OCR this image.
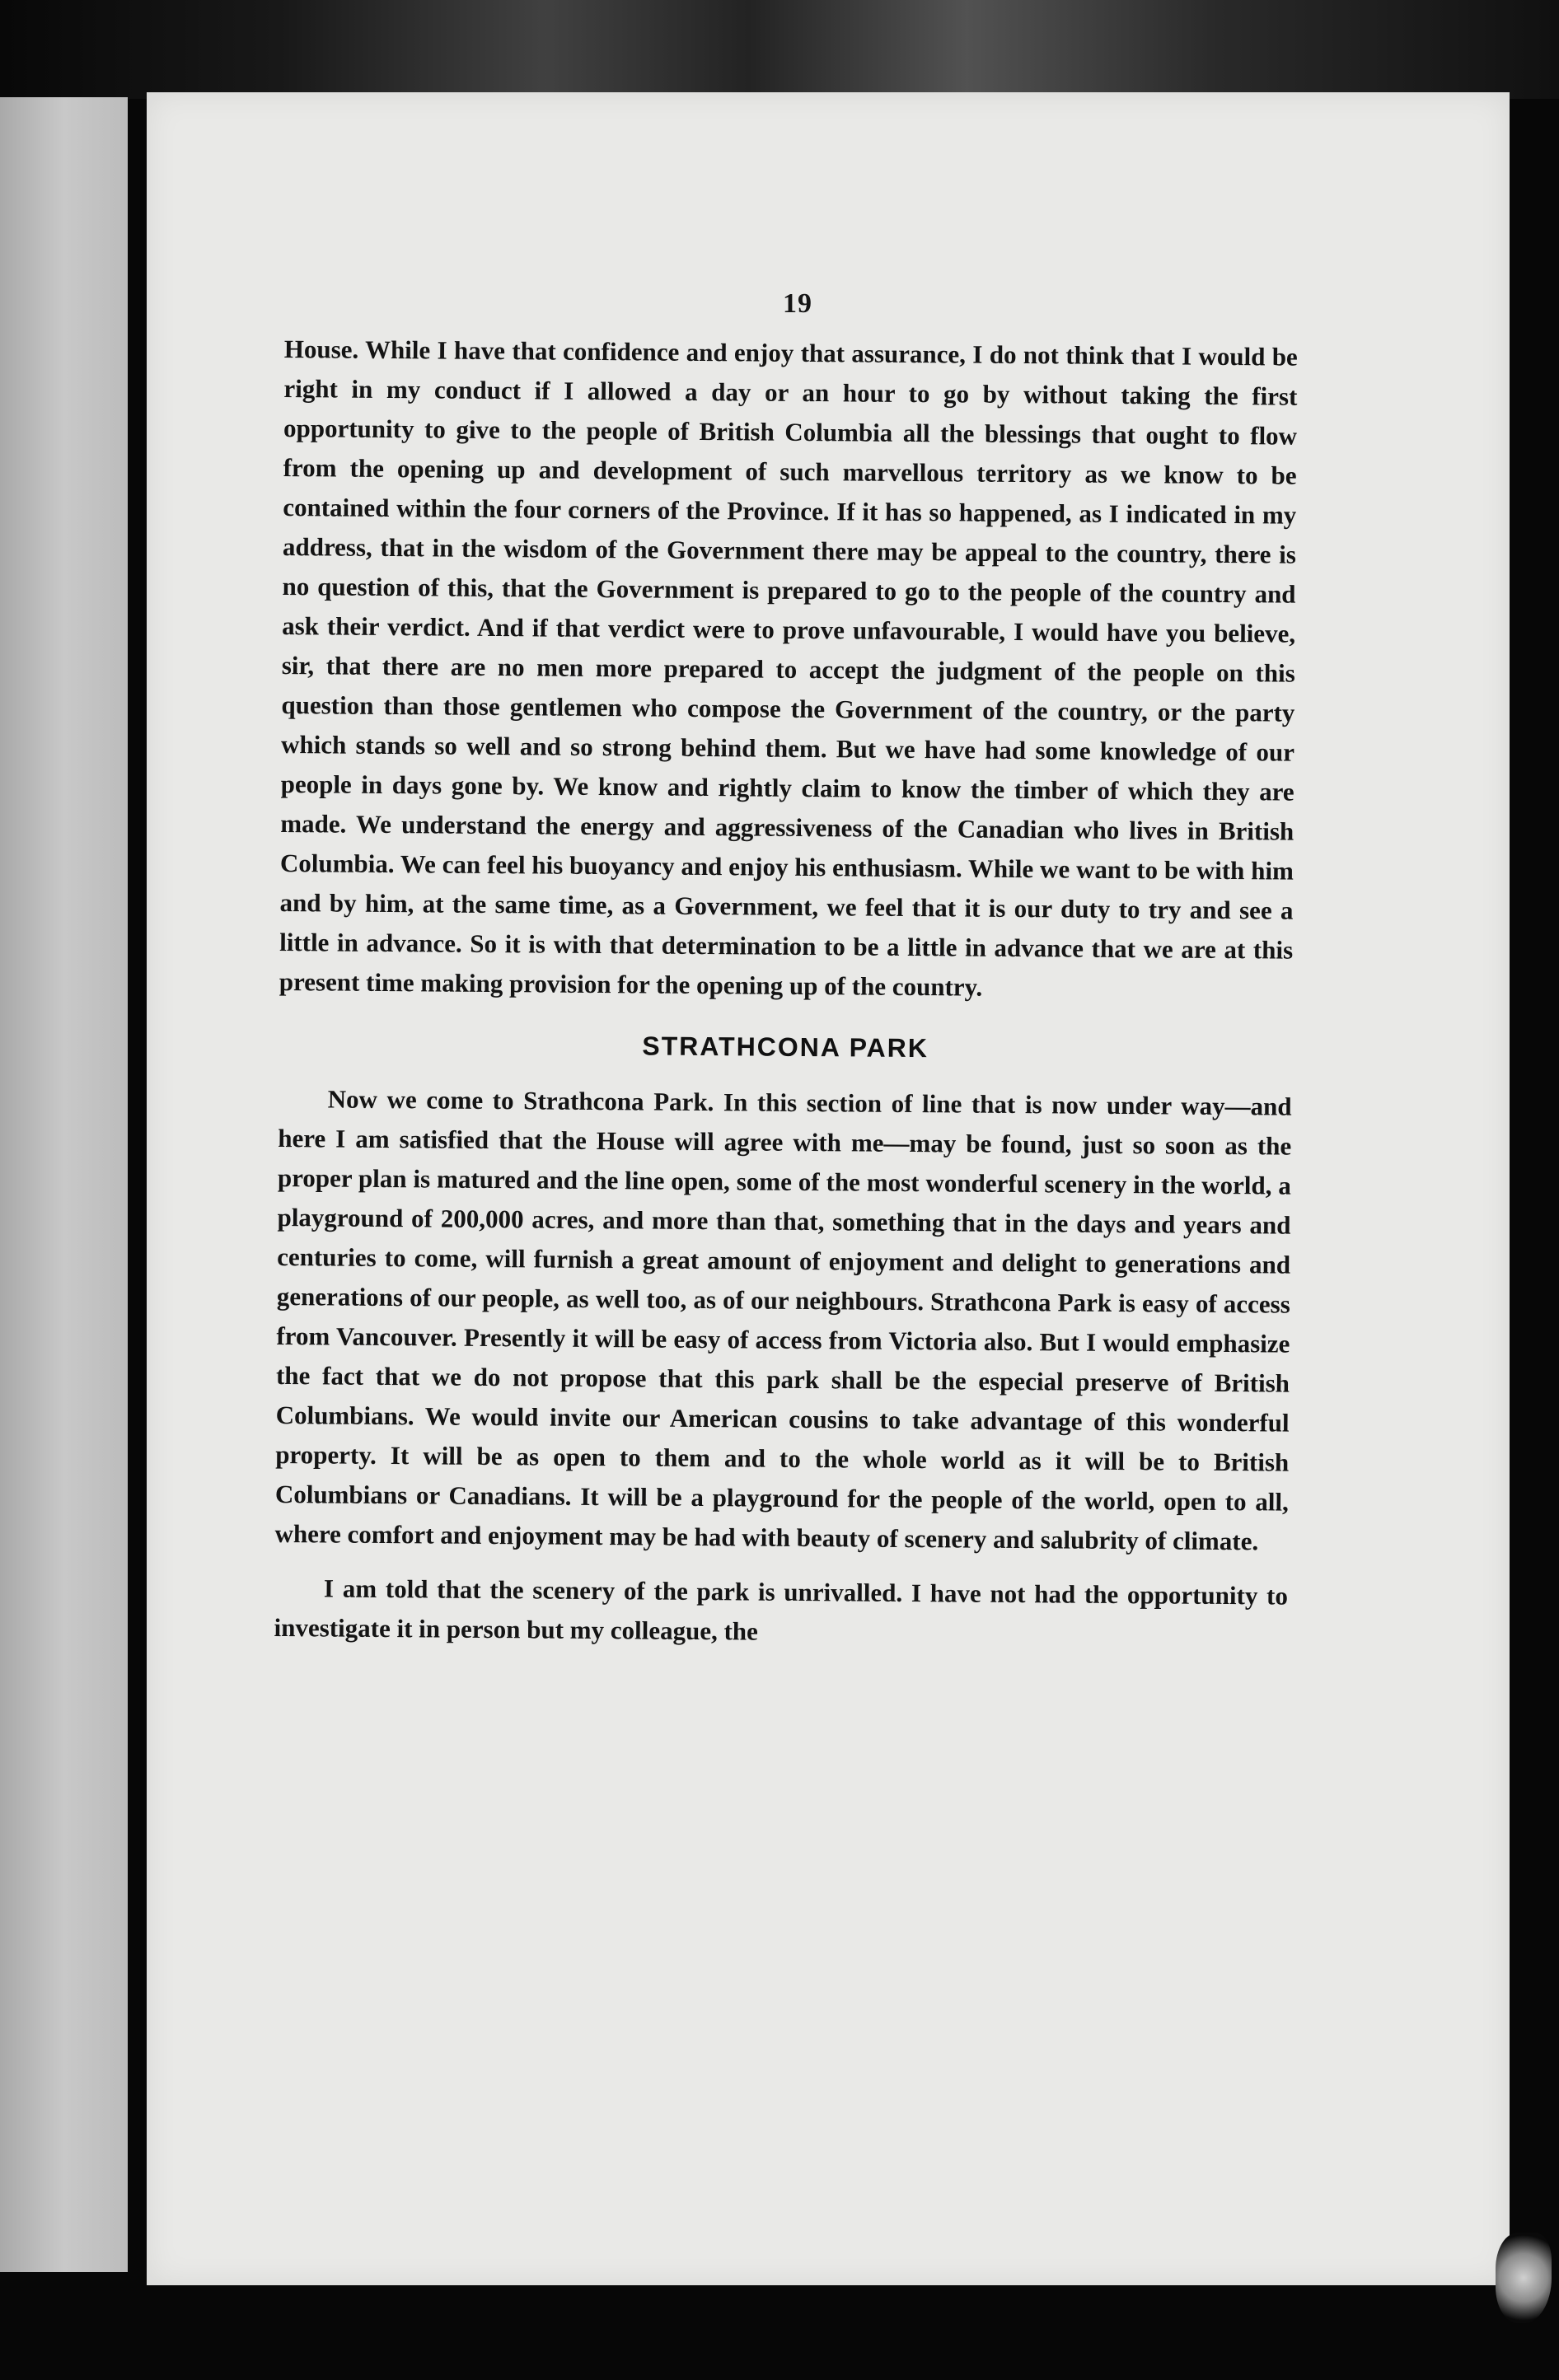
19

House. While I have that confidence and enjoy that assurance, I do not think that I would be right in my conduct if I allowed a day or an hour to go by without taking the first opportunity to give to the people of British Columbia all the blessings that ought to flow from the opening up and development of such marvellous territory as we know to be contained within the four corners of the Province. If it has so happened, as I indicated in my address, that in the wisdom of the Government there may be appeal to the country, there is no question of this, that the Government is prepared to go to the people of the country and ask their verdict. And if that verdict were to prove unfavourable, I would have you believe, sir, that there are no men more prepared to accept the judgment of the people on this question than those gentlemen who compose the Government of the country, or the party which stands so well and so strong behind them. But we have had some knowledge of our people in days gone by. We know and rightly claim to know the timber of which they are made. We understand the energy and aggressiveness of the Canadian who lives in British Columbia. We can feel his buoyancy and enjoy his enthusiasm. While we want to be with him and by him, at the same time, as a Government, we feel that it is our duty to try and see a little in advance. So it is with that determination to be a little in advance that we are at this present time making provision for the opening up of the country.

STRATHCONA PARK

Now we come to Strathcona Park. In this section of line that is now under way—and here I am satisfied that the House will agree with me—may be found, just so soon as the proper plan is matured and the line open, some of the most wonderful scenery in the world, a playground of 200,000 acres, and more than that, something that in the days and years and centuries to come, will furnish a great amount of enjoyment and delight to generations and generations of our people, as well too, as of our neighbours. Strathcona Park is easy of access from Vancouver. Presently it will be easy of access from Victoria also. But I would emphasize the fact that we do not propose that this park shall be the especial preserve of British Columbians. We would invite our American cousins to take advantage of this wonderful property. It will be as open to them and to the whole world as it will be to British Columbians or Canadians. It will be a playground for the people of the world, open to all, where comfort and enjoyment may be had with beauty of scenery and salubrity of climate.

I am told that the scenery of the park is unrivalled. I have not had the opportunity to investigate it in person but my colleague, the
